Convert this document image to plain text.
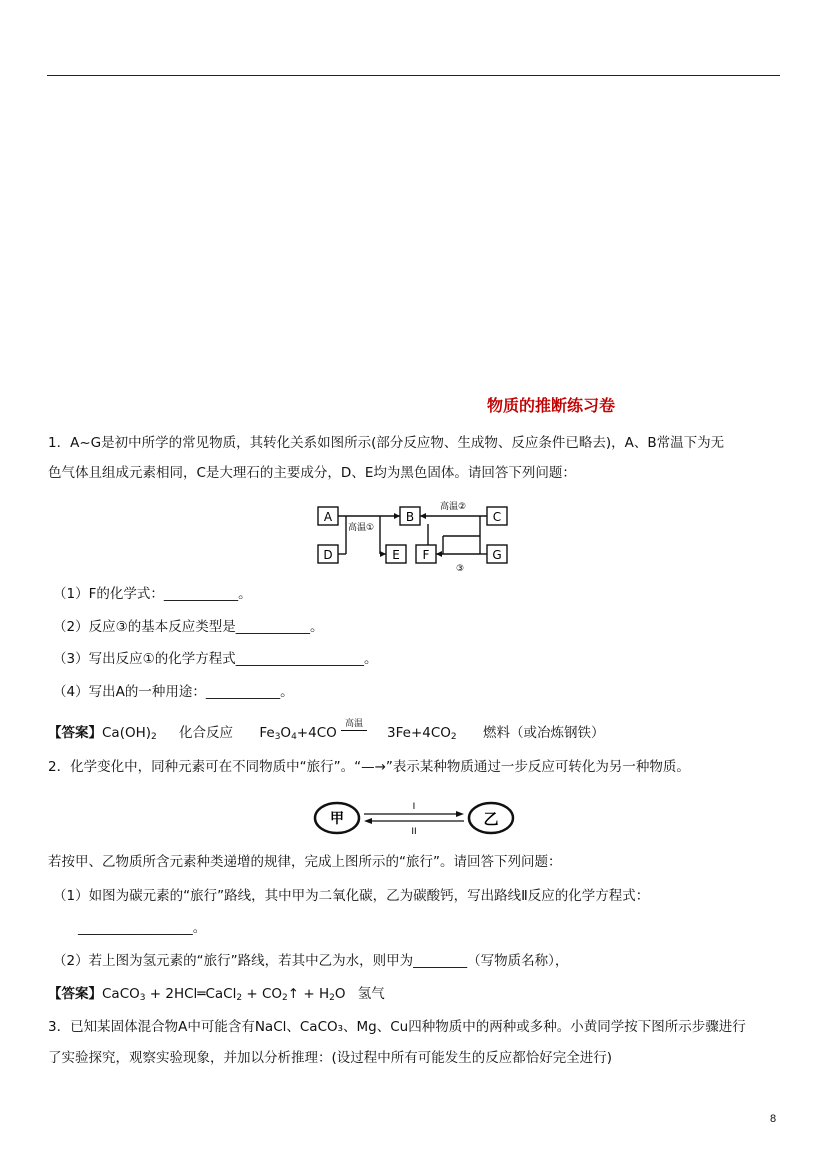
物质的推断练习卷
1．A~G是初中所学的常见物质，其转化关系如图所示(部分反应物、生成物、反应条件已略去)，A、B常温下为无
色气体且组成元素相同，C是大理石的主要成分，D、E均为黑色固体。请回答下列问题：
A	B	C
D	E F	G
高温①
高温②
③
（1）F的化学式：___________。
（2）反应③的基本反应类型是___________。
（3）写出反应①的化学方程式___________________。
（4）写出A的一种用途：___________。
【答案】$Ca(OH)_2$ 化合反应 $Fe_3O_4+4CO$	$3Fe+4CO_2$ 燃料（或冶炼钢铁）
高温
2．化学变化中，同种元素可在不同物质中“旅行”。“—→”表示某种物质通过一步反应可转化为另一种物质。
甲	乙
I
II
若按甲、乙物质所含元素种类递增的规律，完成上图所示的“旅行”。请回答下列问题：
（1）如图为碳元素的“旅行”路线，其中甲为二氧化碳，乙为碳酸钙，写出路线Ⅱ反应的化学方程式：
_________________。
（2）若上图为氢元素的“旅行”路线，若其中乙为水，则甲为________（写物质名称），
【答案】CaCO$_3$ + 2HCl═CaCl$_2$ + $CO_2↑ + H_2O$ 氢气
3．已知某固体混合物A中可能含有NaCl、CaCO₃、Mg、Cu四种物质中的两种或多种。小黄同学按下图所示步骤进行
了实验探究，观察实验现象，并加以分析推理：(设过程中所有可能发生的反应都恰好完全进行)
8
